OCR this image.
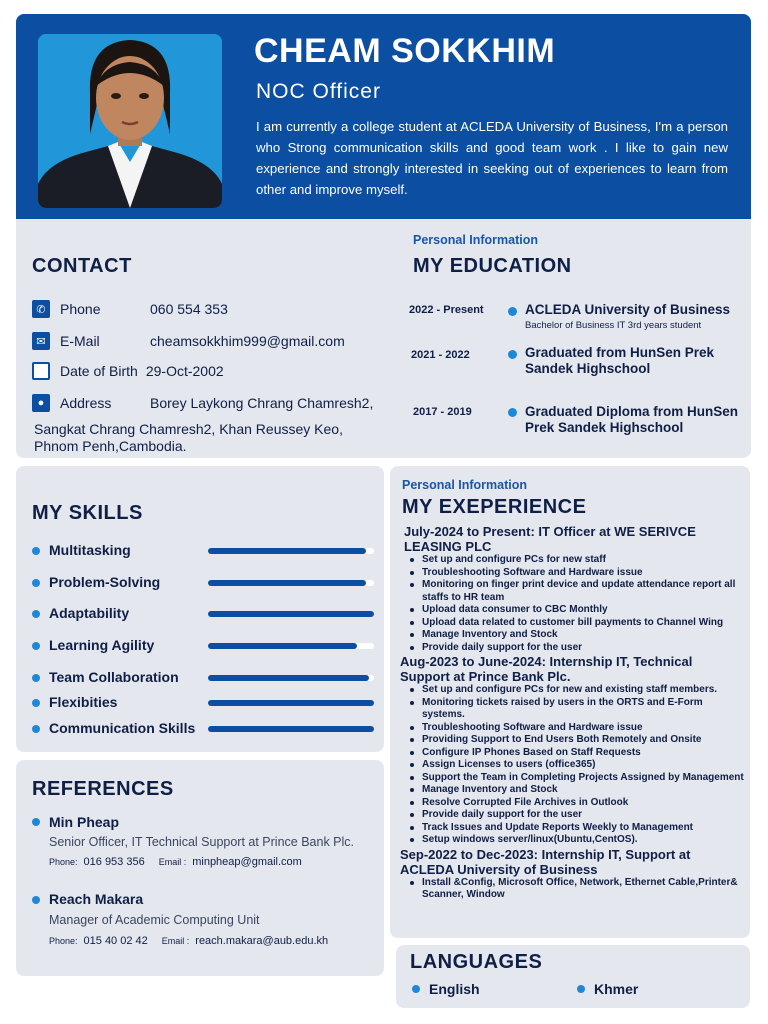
CHEAM SOKKHIM
NOC Officer
I am currently a college student at ACLEDA University of Business, I'm a person who Strong communication skills and good team work . I like to gain new experience and strongly interested in seeking out of experiences to learn from other and improve myself.
CONTACT
✆	Phone	060 554 353
✉	E-Mail	cheamsokkhim999@gmail.com
Date of Birth 29-Oct-2002
●	Address	Borey Laykong Chrang Chamresh2,
Sangkat Chrang Chamresh2, Khan Reussey Keo, Phnom Penh,Cambodia.
Personal Information
MY EDUCATION
2022 - Present	ACLEDA University of Business
Bachelor of Business IT 3rd years student
2021 - 2022	Graduated from HunSen Prek Sandek Highschool
2017 - 2019	Graduated Diploma from HunSen Prek Sandek Highschool
MY SKILLS
Multitasking
Problem-Solving
Adaptability
Learning Agility
Team Collaboration
Flexibities
Communication Skills
REFERENCES
Min Pheap
Senior Officer, IT Technical Support at Prince Bank Plc.
Phone: 016 953 356 Email : minpheap@gmail.com
Reach Makara
Manager of Academic Computing Unit
Phone: 015 40 02 42 Email : reach.makara@aub.edu.kh
Personal Information
MY EXEPERIENCE
July-2024 to Present: IT Officer at WE SERIVCE LEASING PLC
Set up and configure PCs for new staff
Troubleshooting Software and Hardware issue
Monitoring on finger print device and update attendance report all staffs to HR team
Upload data consumer to CBC Monthly
Upload data related to customer bill payments to Channel Wing
Manage Inventory and Stock
Provide daily support for the user
Aug-2023 to June-2024: Internship IT, Technical Support at Prince Bank Plc.
Set up and configure PCs for new and existing staff members.
Monitoring tickets raised by users in the ORTS and E-Form systems.
Troubleshooting Software and Hardware issue
Providing Support to End Users Both Remotely and Onsite
Configure IP Phones Based on Staff Requests
Assign Licenses to users (office365)
Support the Team in Completing Projects Assigned by Management
Manage Inventory and Stock
Resolve Corrupted File Archives in Outlook
Provide daily support for the user
Track Issues and Update Reports Weekly to Management
Setup windows server/linux(Ubuntu,CentOS).
Sep-2022 to Dec-2023: Internship IT, Support at ACLEDA University of Business
Install &Config, Microsoft Office, Network, Ethernet Cable,Printer& Scanner, Window
LANGUAGES
English	Khmer
